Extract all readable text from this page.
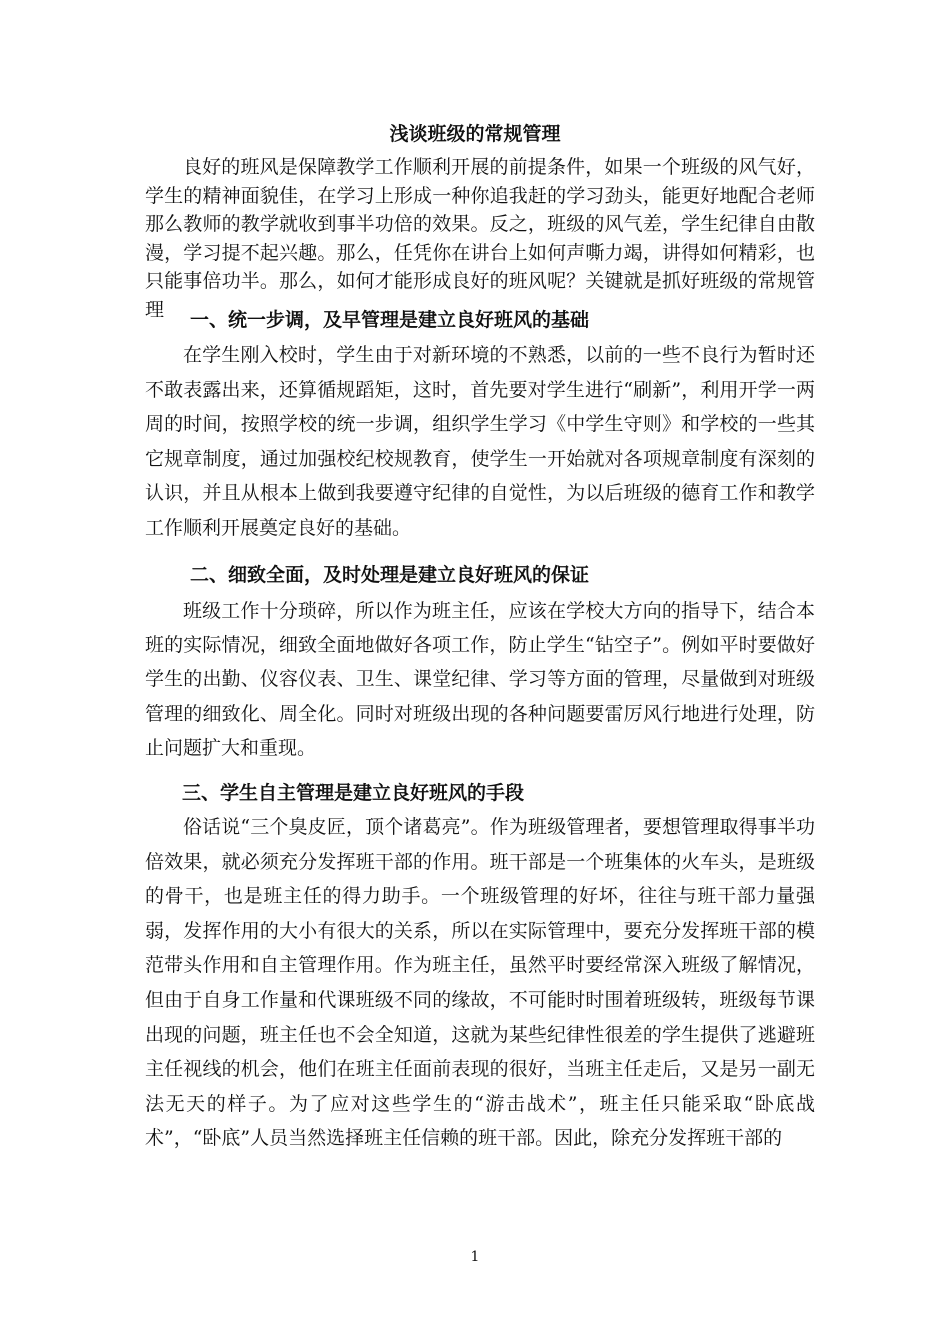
浅谈班级的常规管理

良好的班风是保障教学工作顺利开展的前提条件，如果一个班级的风气好，学生的精神面貌佳，在学习上形成一种你追我赶的学习劲头，能更好地配合老师那么教师的教学就收到事半功倍的效果。反之，班级的风气差，学生纪律自由散漫，学习提不起兴趣。那么，任凭你在讲台上如何声嘶力竭，讲得如何精彩，也只能事倍功半。那么，如何才能形成良好的班风呢？关键就是抓好班级的常规管理	一、统一步调，及早管理是建立良好班风的基础

在学生刚入校时，学生由于对新环境的不熟悉，以前的一些不良行为暂时还不敢表露出来，还算循规蹈矩，这时，首先要对学生进行“刷新”，利用开学一两周的时间，按照学校的统一步调，组织学生学习《中学生守则》和学校的一些其它规章制度，通过加强校纪校规教育，使学生一开始就对各项规章制度有深刻的认识，并且从根本上做到我要遵守纪律的自觉性，为以后班级的德育工作和教学工作顺利开展奠定良好的基础。

二、细致全面，及时处理是建立良好班风的保证

班级工作十分琐碎，所以作为班主任，应该在学校大方向的指导下，结合本班的实际情况，细致全面地做好各项工作，防止学生“钻空子”。例如平时要做好学生的出勤、仪容仪表、卫生、课堂纪律、学习等方面的管理，尽量做到对班级管理的细致化、周全化。同时对班级出现的各种问题要雷厉风行地进行处理，防止问题扩大和重现。

三、学生自主管理是建立良好班风的手段

俗话说“三个臭皮匠，顶个诸葛亮”。作为班级管理者，要想管理取得事半功倍效果，就必须充分发挥班干部的作用。班干部是一个班集体的火车头，是班级的骨干，也是班主任的得力助手。一个班级管理的好坏，往往与班干部力量强弱，发挥作用的大小有很大的关系，所以在实际管理中，要充分发挥班干部的模范带头作用和自主管理作用。作为班主任，虽然平时要经常深入班级了解情况，但由于自身工作量和代课班级不同的缘故，不可能时时围着班级转，班级每节课出现的问题，班主任也不会全知道，这就为某些纪律性很差的学生提供了逃避班主任视线的机会，他们在班主任面前表现的很好，当班主任走后，又是另一副无法无天的样子。为了应对这些学生的“游击战术”，班主任只能采取“卧底战术”，“卧底”人员当然选择班主任信赖的班干部。因此，除充分发挥班干部的

1
